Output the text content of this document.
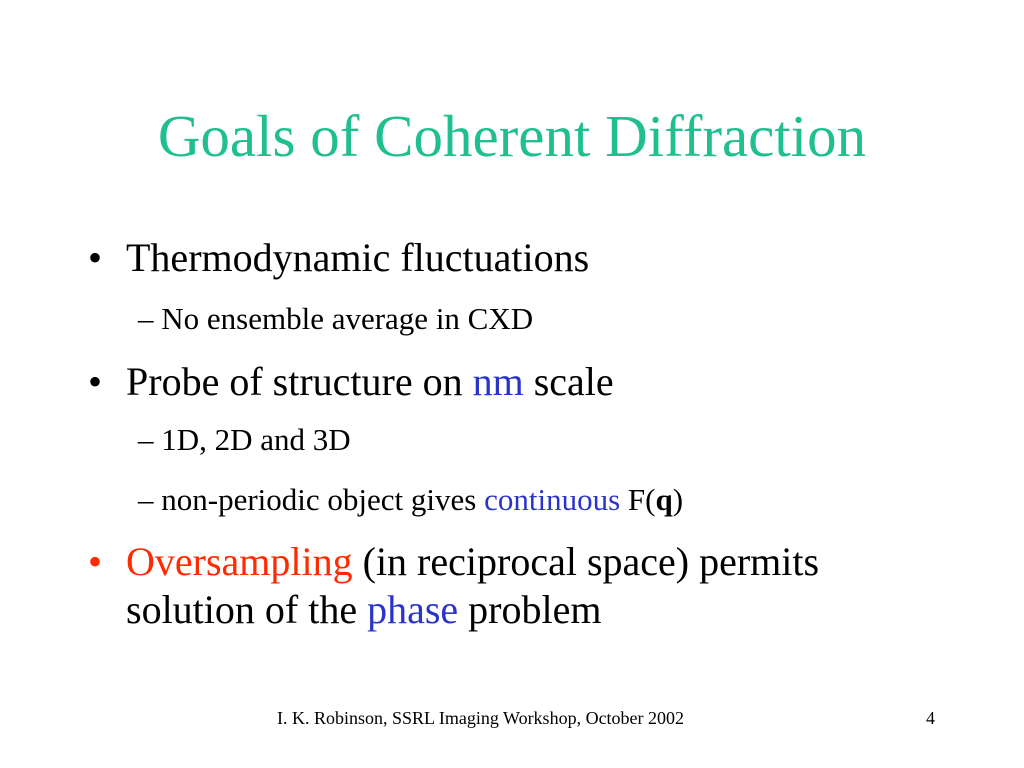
Goals of Coherent Diffraction
• Thermodynamic fluctuations
– No ensemble average in CXD
• Probe of structure on nm scale
– 1D, 2D and 3D
– non-periodic object gives continuous F(q)
• Oversampling (in reciprocal space) permits solution of the phase problem
I. K. Robinson, SSRL Imaging Workshop, October 2002	4
